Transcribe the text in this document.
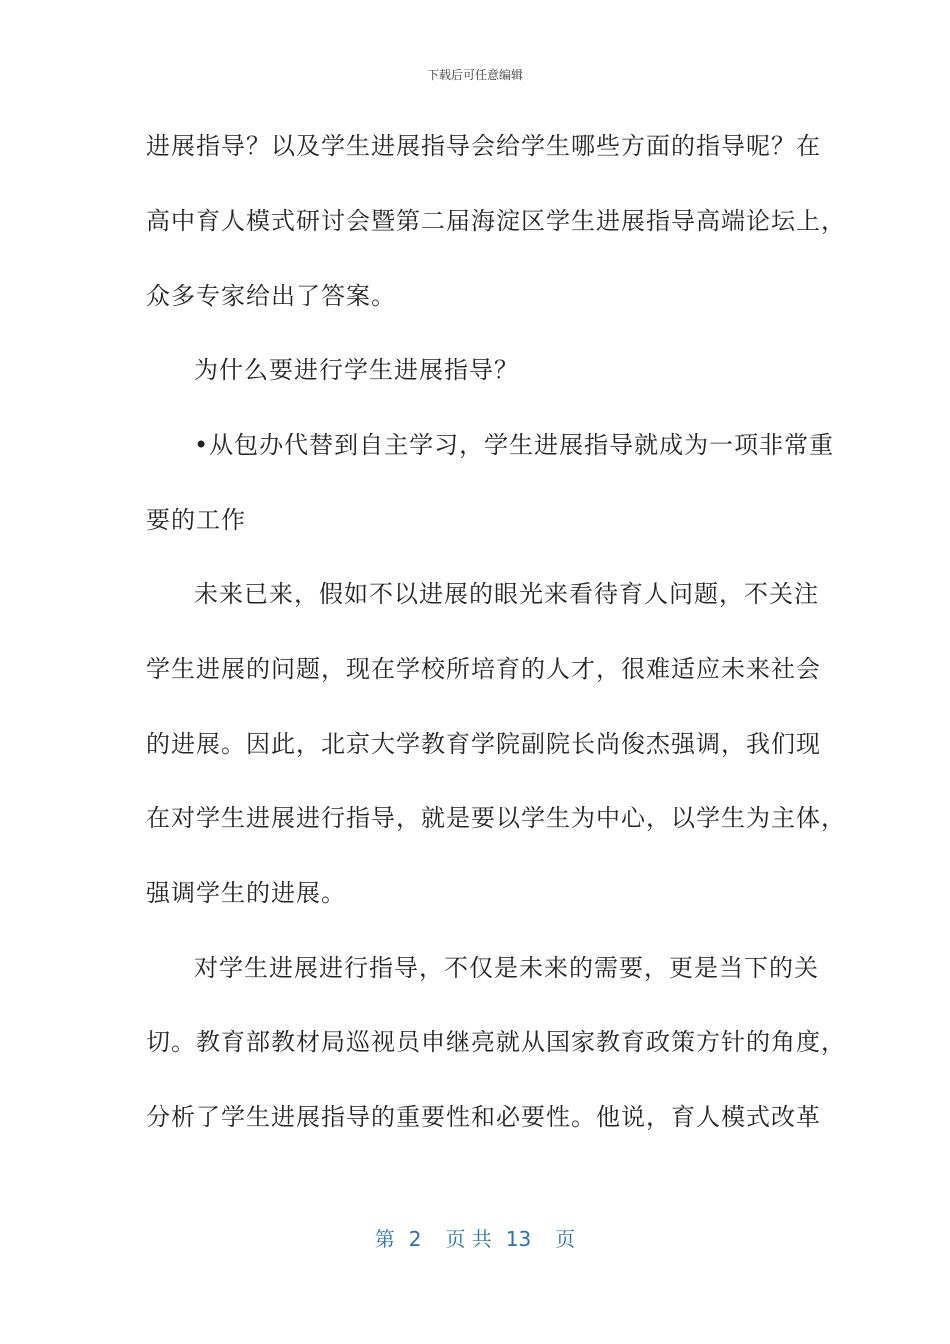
下载后可任意编辑
进展指导？以及学生进展指导会给学生哪些方面的指导呢？在
高中育人模式研讨会暨第二届海淀区学生进展指导高端论坛上，
众多专家给出了答案。
为什么要进行学生进展指导？
•从包办代替到自主学习，学生进展指导就成为一项非常重
要的工作
未来已来，假如不以进展的眼光来看待育人问题，不关注
学生进展的问题，现在学校所培育的人才，很难适应未来社会
的进展。因此，北京大学教育学院副院长尚俊杰强调，我们现
在对学生进展进行指导，就是要以学生为中心，以学生为主体，
强调学生的进展。
对学生进展进行指导，不仅是未来的需要，更是当下的关
切。教育部教材局巡视员申继亮就从国家教育政策方针的角度，
分析了学生进展指导的重要性和必要性。他说，育人模式改革
第 2 页 共 13 页
